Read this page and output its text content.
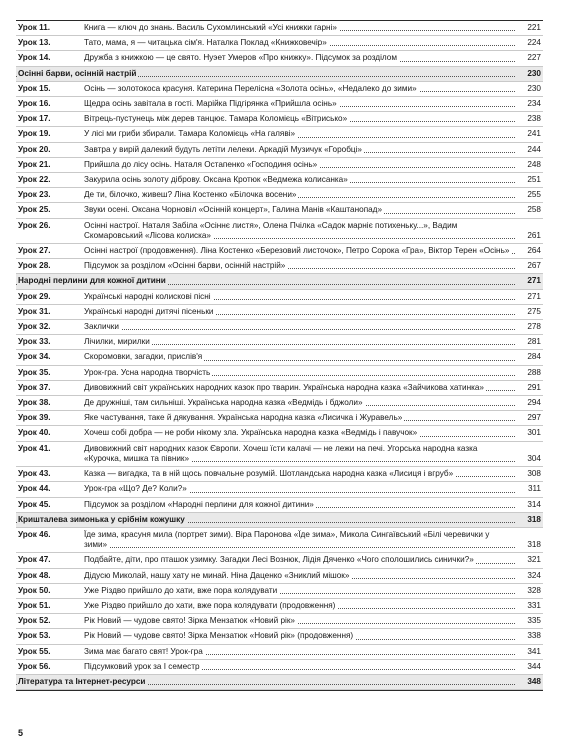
Урок 11.	Книга — ключ до знань. Василь Сухомлинський «Усі книжки гарні»	221
Урок 13.	Тато, мама, я — читацька сім'я. Наталка Поклад «Книжковечір»	224
Урок 14.	Дружба з книжкою — це свято. Нуэет Умеров «Про книжку». Підсумок за розділом	227
Осінні барви, осінній настрій	230
Урок 15.	Осінь — золотокоса красуня. Катерина Перелісна «Золота осінь», «Недалеко до зими»	230
Урок 16.	Щедра осінь завітала в гості. Марійка Підгірянка «Прийшла осінь»	234
Урок 17.	Вітрець-пустунець між дерев танцює. Тамара Коломієць «Вітрисько»	238
Урок 19.	У лісі ми гриби збирали. Тамара Коломієць «На галяві»	241
Урок 20.	Завтра у вирій далекий будуть летіти лелеки. Аркадій Музичук «Горобці»	244
Урок 21.	Прийшла до лісу осінь. Наталя Остапенко «Господиня осінь»	248
Урок 22.	Закурила осінь золоту діброву. Оксана Кротюк «Ведмежа колисанка»	251
Урок 23.	Де ти, білочко, живеш? Ліна Костенко «Білочка восени»	255
Урок 25.	Звуки осені. Оксана Чорновіл «Осінній концерт», Галина Манів «Каштанопад»	258
Урок 26.	Осінні настрої. Наталя Забіла «Осіннє листя», Олена Пчілка «Садок марніє потихеньку...», Вадим Скомаровський «Лісова колиска»	261
Урок 27.	Осінні настрої (продовження). Ліна Костенко «Березовий листочок», Петро Сорока «Гра», Віктор Терен «Осінь»	264
Урок 28.	Підсумок за розділом «Осінні барви, осінній настрій»	267
Народні перлини для кожної дитини	271
Урок 29.	Українські народні колискові пісні	271
Урок 31.	Українські народні дитячі пісеньки	275
Урок 32.	Заклички	278
Урок 33.	Лічилки, мирилки	281
Урок 34.	Скоромовки, загадки, прислів'я	284
Урок 35.	Урок-гра. Усна народна творчість	288
Урок 37.	Дивовижний світ українських народних казок про тварин. Українська народна казка «Зайчикова хатинка»	291
Урок 38.	Де дружніші, там сильніші. Українська народна казка «Ведмідь і бджоли»	294
Урок 39.	Яке частування, таке й дякування. Українська народна казка «Лисичка і Журавель»	297
Урок 40.	Хочеш собі добра — не роби нікому зла. Українська народна казка «Ведмідь і павучок»	301
Урок 41.	Дивовижний світ народних казок Європи. Хочеш їсти калачі — не лежи на печі. Угорська народна казка «Курочка, мишка та півник»	304
Урок 43.	Казка — вигадка, та в ній щось повчальне розумій. Шотландська народна казка «Лисиця і вгруб»	308
Урок 44.	Урок-гра «Що? Де? Коли?»	311
Урок 45.	Підсумок за розділом «Народні перлини для кожної дитини»	314
Кришталева зимонька у срібнім кожушку	318
Урок 46.	Їде зима, красуня мила (портрет зими). Віра Паронова «Їде зима», Микола Сингаївський «Білі черевички у зими»	318
Урок 47.	Подбайте, діти, про пташок узимку. Загадки Лесі Вознюк, Лідія Дяченко «Чого сполошились синички?»	321
Урок 48.	Дідусю Миколай, нашу хату не минай. Ніна Даценко «Зниклий мішок»	324
Урок 50.	Уже Різдво прийшло до хати, вже пора колядувати	328
Урок 51.	Уже Різдво прийшло до хати, вже пора колядувати (продовження)	331
Урок 52.	Рік Новий — чудове свято! Зірка Мензатюк «Новий рік»	335
Урок 53.	Рік Новий — чудове свято! Зірка Мензатюк «Новий рік» (продовження)	338
Урок 55.	Зима має багато свят! Урок-гра	341
Урок 56.	Підсумковий урок за I семестр	344
Література та Інтернет-ресурси	348
5
